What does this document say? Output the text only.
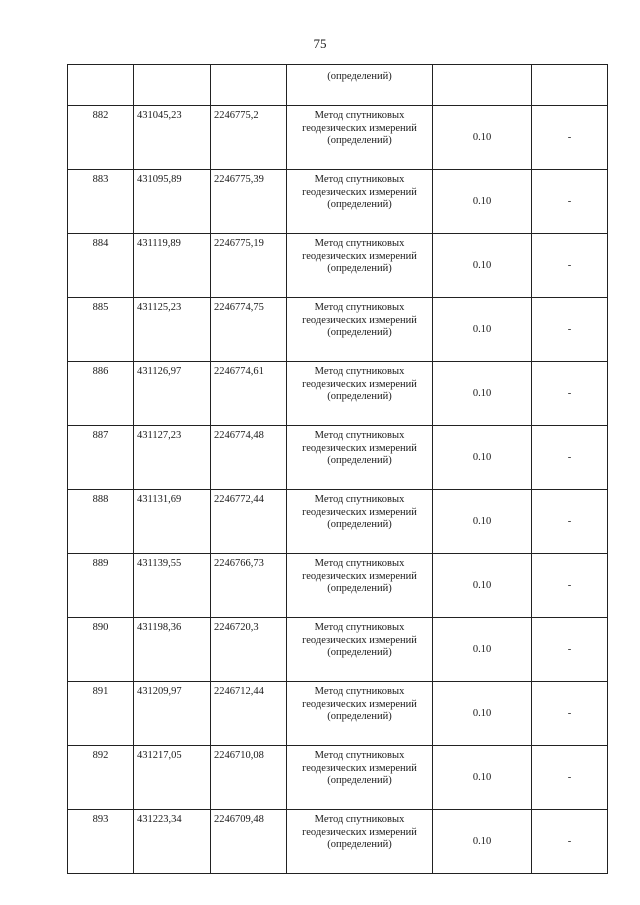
75

			(определений)		

882	431045,23	2246775,2	Метод спутниковых
геодезических измерений
(определений)	0.10	-
883	431095,89	2246775,39	Метод спутниковых
геодезических измерений
(определений)	0.10	-
884	431119,89	2246775,19	Метод спутниковых
геодезических измерений
(определений)	0.10	-
885	431125,23	2246774,75	Метод спутниковых
геодезических измерений
(определений)	0.10	-
886	431126,97	2246774,61	Метод спутниковых
геодезических измерений
(определений)	0.10	-
887	431127,23	2246774,48	Метод спутниковых
геодезических измерений
(определений)	0.10	-
888	431131,69	2246772,44	Метод спутниковых
геодезических измерений
(определений)	0.10	-
889	431139,55	2246766,73	Метод спутниковых
геодезических измерений
(определений)	0.10	-
890	431198,36	2246720,3	Метод спутниковых
геодезических измерений
(определений)	0.10	-
891	431209,97	2246712,44	Метод спутниковых
геодезических измерений
(определений)	0.10	-
892	431217,05	2246710,08	Метод спутниковых
геодезических измерений
(определений)	0.10	-
893	431223,34	2246709,48	Метод спутниковых
геодезических измерений
(определений)	0.10	-
